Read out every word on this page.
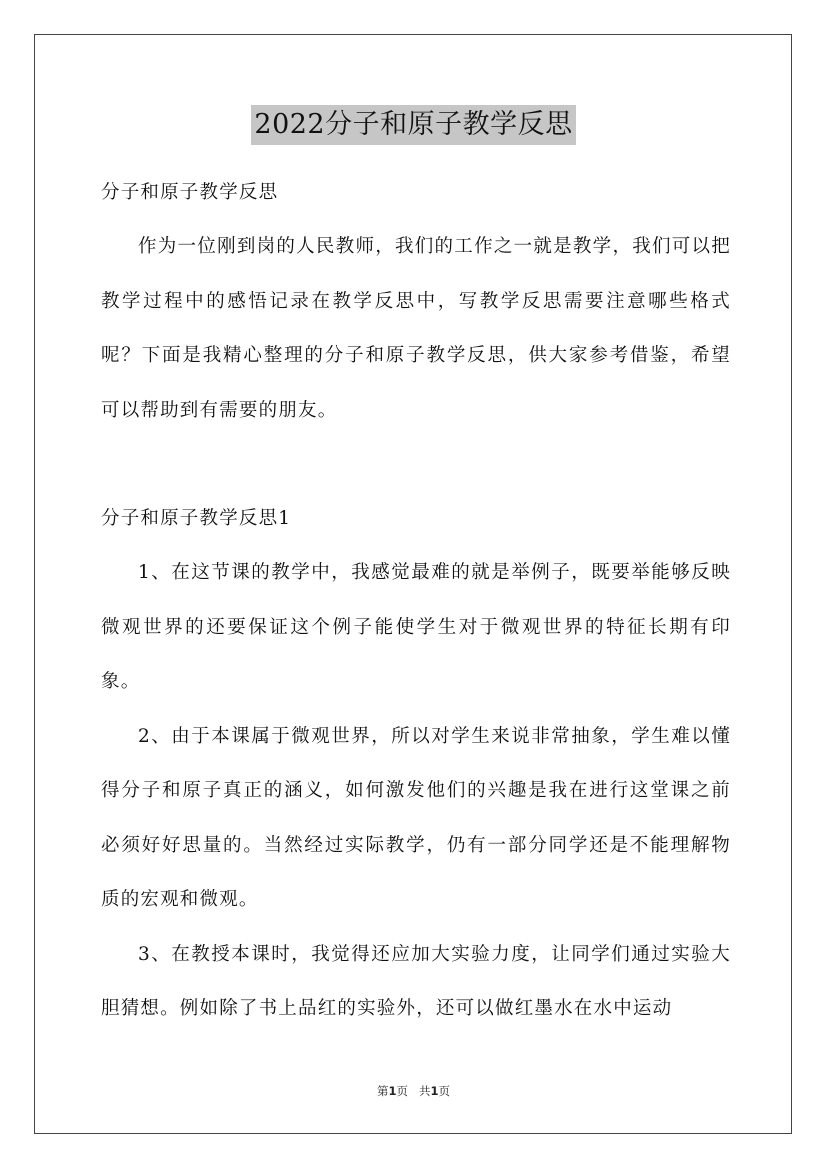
2022分子和原子教学反思

分子和原子教学反思

作为一位刚到岗的人民教师，我们的工作之一就是教学，我们可以把教学过程中的感悟记录在教学反思中，写教学反思需要注意哪些格式呢？下面是我精心整理的分子和原子教学反思，供大家参考借鉴，希望可以帮助到有需要的朋友。

分子和原子教学反思1

1、在这节课的教学中，我感觉最难的就是举例子，既要举能够反映微观世界的还要保证这个例子能使学生对于微观世界的特征长期有印象。

2、由于本课属于微观世界，所以对学生来说非常抽象，学生难以懂得分子和原子真正的涵义，如何激发他们的兴趣是我在进行这堂课之前必须好好思量的。当然经过实际教学，仍有一部分同学还是不能理解物质的宏观和微观。

3、在教授本课时，我觉得还应加大实验力度，让同学们通过实验大胆猜想。例如除了书上品红的实验外，还可以做红墨水在水中运动

第1页 共1页
